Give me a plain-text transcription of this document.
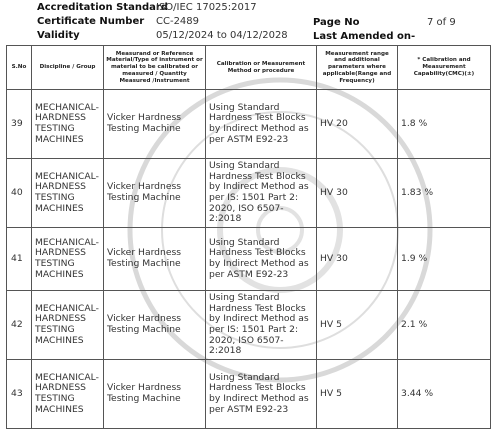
Accreditation Standard
ISO/IEC 17025:2017
Certificate Number CC-2489	Page No	7 of 9
Validity	05/12/2024 to 04/12/2028	Last Amended on-
S.No	Discipline / Group	Measurand or Reference Material/Type of instrument or material to be calibrated or measured / Quantity Measured /Instrument	Calibration or Measurement Method or procedure	Measurement range and additional parameters where applicable(Range and Frequency)	* Calibration and Measurement Capability(CMC)(±)
39	MECHANICAL- HARDNESS TESTING MACHINES	Vicker Hardness Testing Machine	Using Standard Hardness Test Blocks by Indirect Method as per ASTM E92-23	HV 20	1.8 %
40	MECHANICAL- HARDNESS TESTING MACHINES	Vicker Hardness Testing Machine	Using Standard Hardness Test Blocks by Indirect Method as per IS: 1501 Part 2: 2020, ISO 6507-2:2018	HV 30	1.83 %
41	MECHANICAL- HARDNESS TESTING MACHINES	Vicker Hardness Testing Machine	Using Standard Hardness Test Blocks by Indirect Method as per ASTM E92-23	HV 30	1.9 %
42	MECHANICAL- HARDNESS TESTING MACHINES	Vicker Hardness Testing Machine	Using Standard Hardness Test Blocks by Indirect Method as per IS: 1501 Part 2: 2020, ISO 6507-2:2018	HV 5	2.1 %
43	MECHANICAL- HARDNESS TESTING MACHINES	Vicker Hardness Testing Machine	Using Standard Hardness Test Blocks by Indirect Method as per ASTM E92-23	HV 5	3.44 %
